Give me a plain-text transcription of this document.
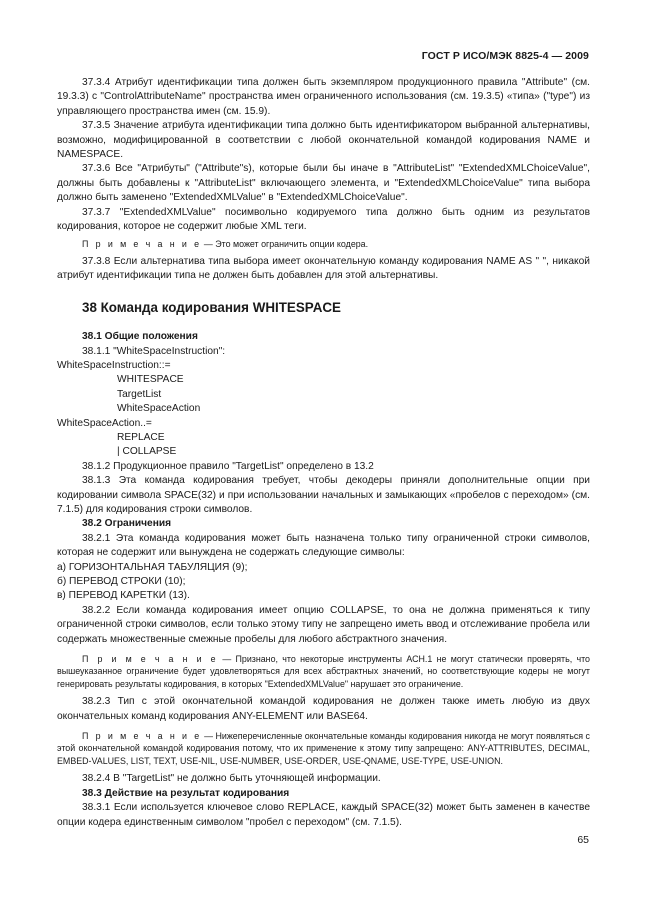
ГОСТ Р ИСО/МЭК 8825-4 — 2009

37.3.4 Атрибут идентификации типа должен быть экземпляром продукционного правила "Attribute" (см. 19.3.3) с "ControlAttributeName" пространства имен ограниченного использования (см. 19.3.5) «типа» ("type") из управляющего пространства имен (см. 15.9).

37.3.5 Значение атрибута идентификации типа должно быть идентификатором выбранной альтернативы, возможно, модифицированной в соответствии с любой окончательной командой кодирования NAME и NAMESPACE.

37.3.6 Все "Атрибуты" ("Attribute"s), которые были бы иначе в "AttributeList" "ExtendedXMLChoiceValue", должны быть добавлены к "AttributeList" включающего элемента, и "ExtendedXMLChoiceValue" типа выбора должно быть заменено "ExtendedXMLValue" в "ExtendedXMLChoiceValue".

37.3.7 "ExtendedXMLValue" посимвольно кодируемого типа должно быть одним из результатов кодирования, которое не содержит любые XML теги.

П р и м е ч а н и е — Это может ограничить опции кодера.

37.3.8 Если альтернатива типа выбора имеет окончательную команду кодирования NAME AS " ", никакой атрибут идентификации типа не должен быть добавлен для этой альтернативы.

38 Команда кодирования WHITESPACE

38.1 Общие положения

38.1.1 "WhiteSpaceInstruction":

WhiteSpaceInstruction::=

WHITESPACE

TargetList

WhiteSpaceAction

WhiteSpaceAction..=

REPLACE

| COLLAPSE

38.1.2 Продукционное правило "TargetList" определено в 13.2

38.1.3 Эта команда кодирования требует, чтобы декодеры приняли дополнительные опции при кодировании символа SPACE(32) и при использовании начальных и замыкающих «пробелов с переходом» (см. 7.1.5) для кодирования строки символов.

38.2 Ограничения

38.2.1 Эта команда кодирования может быть назначена только типу ограниченной строки символов, которая не содержит или вынуждена не содержать следующие символы:

а) ГОРИЗОНТАЛЬНАЯ ТАБУЛЯЦИЯ (9);

б) ПЕРЕВОД СТРОКИ (10);

в) ПЕРЕВОД КАРЕТКИ (13).

38.2.2 Если команда кодирования имеет опцию COLLAPSE, то она не должна применяться к типу ограниченной строки символов, если только этому типу не запрещено иметь ввод и отслеживание пробела или содержать множественные смежные пробелы для любого абстрактного значения.

П р и м е ч а н и е — Признано, что некоторые инструменты АСН.1 не могут статически проверять, что вышеуказанное ограничение будет удовлетворяться для всех абстрактных значений, но соответствующие кодеры не могут генерировать результаты кодирования, в которых "ExtendedXMLValue" нарушает это ограничение.

38.2.3 Тип с этой окончательной командой кодирования не должен также иметь любую из двух окончательных команд кодирования ANY-ELEMENT или BASE64.

П р и м е ч а н и е — Нижеперечисленные окончательные команды кодирования никогда не могут появляться с этой окончательной командой кодирования потому, что их применение к этому типу запрещено: ANY-ATTRIBUTES, DECIMAL, EMBED-VALUES, LIST, TEXT, USE-NIL, USE-NUMBER, USE-ORDER, USE-QNAME, USE-TYPE, USE-UNION.

38.2.4 В "TargetList" не должно быть уточняющей информации.

38.3 Действие на результат кодирования

38.3.1 Если используется ключевое слово REPLACE, каждый SPACE(32) может быть заменен в качестве опции кодера единственным символом "пробел с переходом" (см. 7.1.5).

65
